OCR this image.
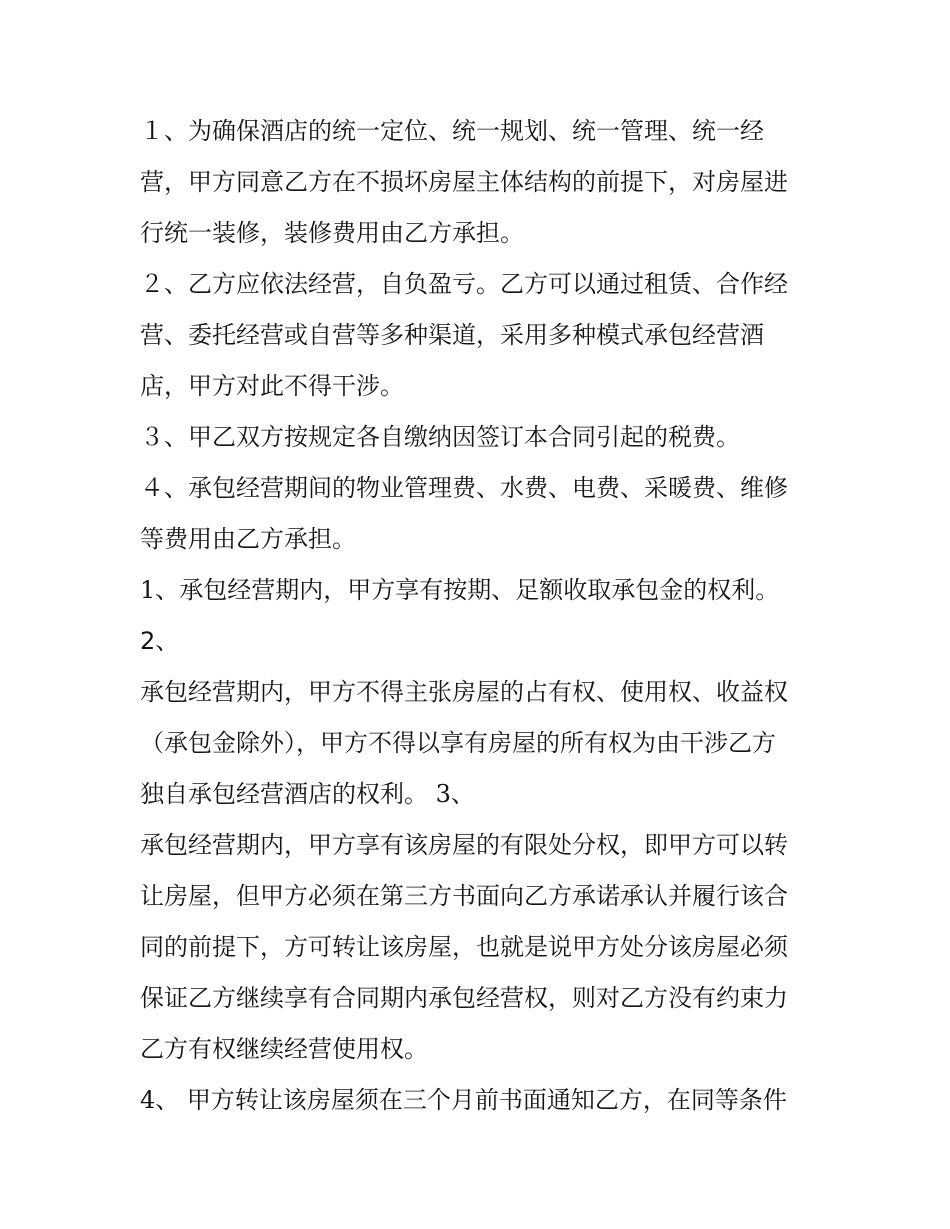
１、为确保酒店的统一定位、统一规划、统一管理、统一经
营，甲方同意乙方在不损坏房屋主体结构的前提下，对房屋进
行统一装修，装修费用由乙方承担。
２、乙方应依法经营，自负盈亏。乙方可以通过租赁、合作经
营、委托经营或自营等多种渠道，采用多种模式承包经营酒
店，甲方对此不得干涉。
３、甲乙双方按规定各自缴纳因签订本合同引起的税费。
４、承包经营期间的物业管理费、水费、电费、采暖费、维修
等费用由乙方承担。
1、承包经营期内，甲方享有按期、足额收取承包金的权利。
2、
承包经营期内，甲方不得主张房屋的占有权、使用权、收益权
（承包金除外），甲方不得以享有房屋的所有权为由干涉乙方
独自承包经营酒店的权利。 3、
承包经营期内，甲方享有该房屋的有限处分权，即甲方可以转
让房屋，但甲方必须在第三方书面向乙方承诺承认并履行该合
同的前提下，方可转让该房屋，也就是说甲方处分该房屋必须
保证乙方继续享有合同期内承包经营权，则对乙方没有约束力
乙方有权继续经营使用权。
4、 甲方转让该房屋须在三个月前书面通知乙方，在同等条件
